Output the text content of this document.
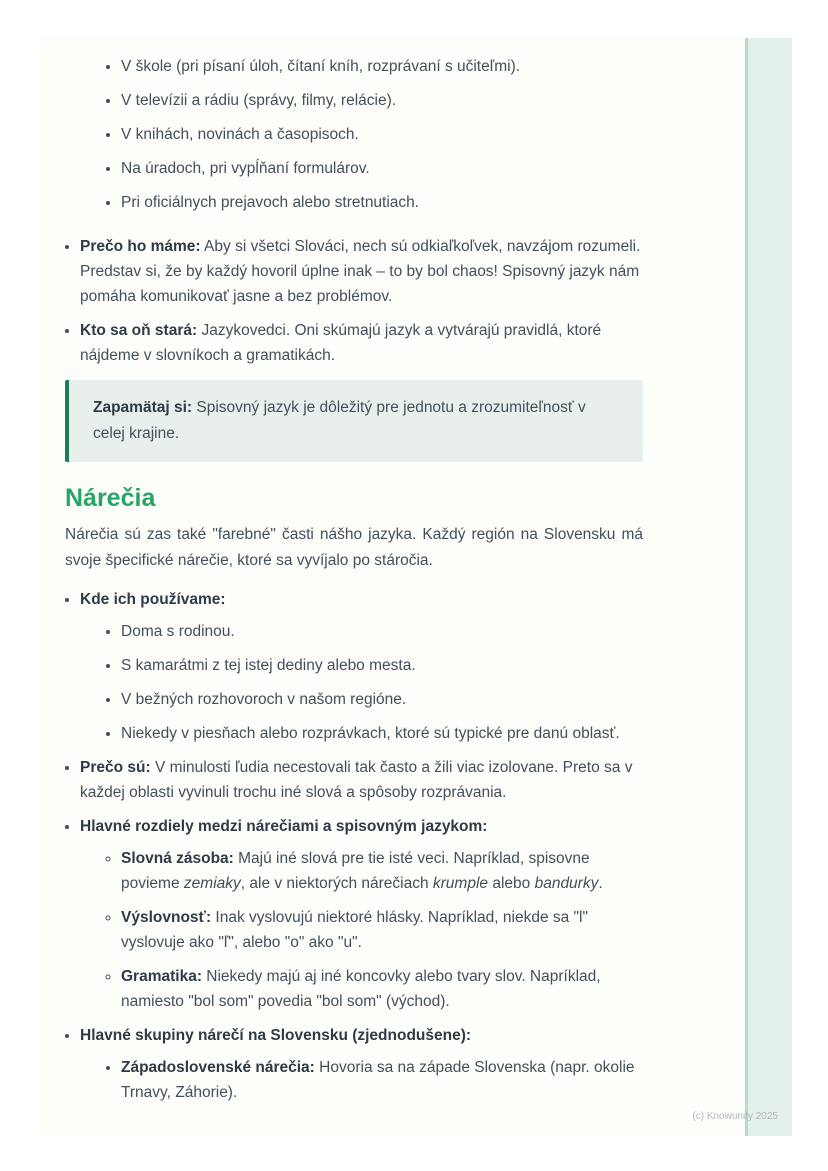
• V škole (pri písaní úloh, čítaní kníh, rozprávaní s učiteľmi).
• V televízii a rádiu (správy, filmy, relácie).
• V knihách, novinách a časopisoch.
• Na úradoch, pri vypĺňaní formulárov.
• Pri oficiálnych prejavoch alebo stretnutiach.
• Prečo ho máme: Aby si všetci Slováci, nech sú odkiaľkoľvek, navzájom rozumeli. Predstav si, že by každý hovoril úplne inak – to by bol chaos! Spisovný jazyk nám pomáha komunikovať jasne a bez problémov.
• Kto sa oň stará: Jazykovedci. Oni skúmajú jazyk a vytvárajú pravidlá, ktoré nájdeme v slovníkoch a gramatikách.
Zapamätaj si: Spisovný jazyk je dôležitý pre jednotu a zrozumiteľnosť v celej krajine.
Nárečia

Nárečia sú zas také "farebné" časti nášho jazyka. Každý región na Slovensku má svoje špecifické nárečie, ktoré sa vyvíjalo po stáročia.

• Kde ich používame:
• Doma s rodinou.
• S kamarátmi z tej istej dediny alebo mesta.
• V bežných rozhovoroch v našom regióne.
• Niekedy v piesňach alebo rozprávkach, ktoré sú typické pre danú oblasť.
• Prečo sú: V minulosti ľudia necestovali tak často a žili viac izolovane. Preto sa v každej oblasti vyvinuli trochu iné slová a spôsoby rozprávania.
• Hlavné rozdiely medzi nárečiami a spisovným jazykom:
◦ Slovná zásoba: Majú iné slová pre tie isté veci. Napríklad, spisovne povieme zemiaky, ale v niektorých nárečiach krumple alebo bandurky.
◦ Výslovnosť: Inak vyslovujú niektoré hlásky. Napríklad, niekde sa "l" vyslovuje ako "ľ", alebo "o" ako "u".
◦ Gramatika: Niekedy majú aj iné koncovky alebo tvary slov. Napríklad, namiesto "bol som" povedia "bol som" (východ).
• Hlavné skupiny nárečí na Slovensku (zjednodušene):
• Západoslovenské nárečia: Hovoria sa na západe Slovenska (napr. okolie Trnavy, Záhorie).
(c) Knowunity 2025
